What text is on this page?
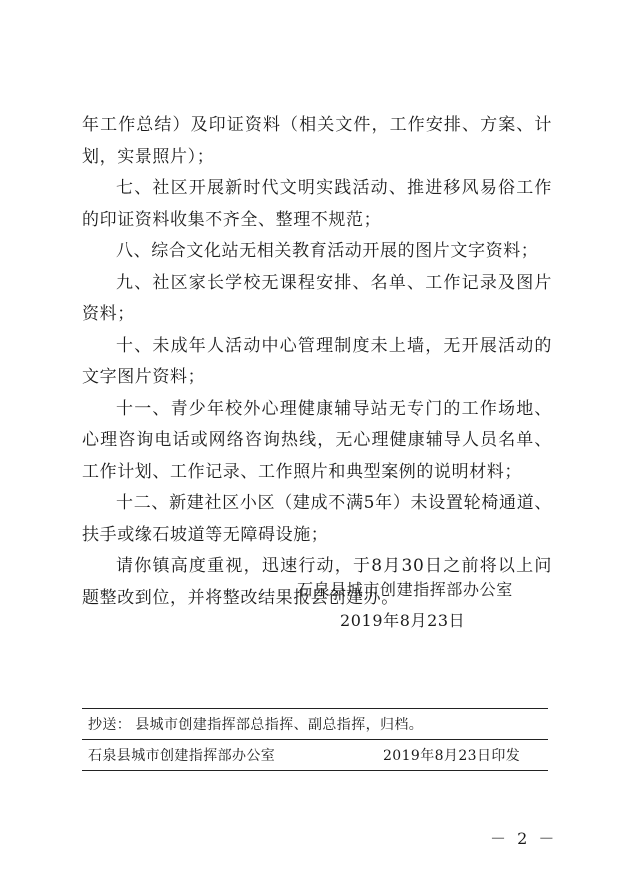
年工作总结）及印证资料（相关文件，工作安排、方案、计划，实景照片）；

七、社区开展新时代文明实践活动、推进移风易俗工作的印证资料收集不齐全、整理不规范；

八、综合文化站无相关教育活动开展的图片文字资料；

九、社区家长学校无课程安排、名单、工作记录及图片资料；

十、未成年人活动中心管理制度未上墙，无开展活动的文字图片资料；

十一、青少年校外心理健康辅导站无专门的工作场地、心理咨询电话或网络咨询热线，无心理健康辅导人员名单、工作计划、工作记录、工作照片和典型案例的说明材料；

十二、新建社区小区（建成不满5年）未设置轮椅通道、扶手或缘石坡道等无障碍设施；

请你镇高度重视，迅速行动，于8月30日之前将以上问题整改到位，并将整改结果报县创建办。

石泉县城市创建指挥部办公室
2019年8月23日
抄送： 县城市创建指挥部总指挥、副总指挥，归档。
石泉县城市创建指挥部办公室	2019年8月23日印发
－ 2 －
